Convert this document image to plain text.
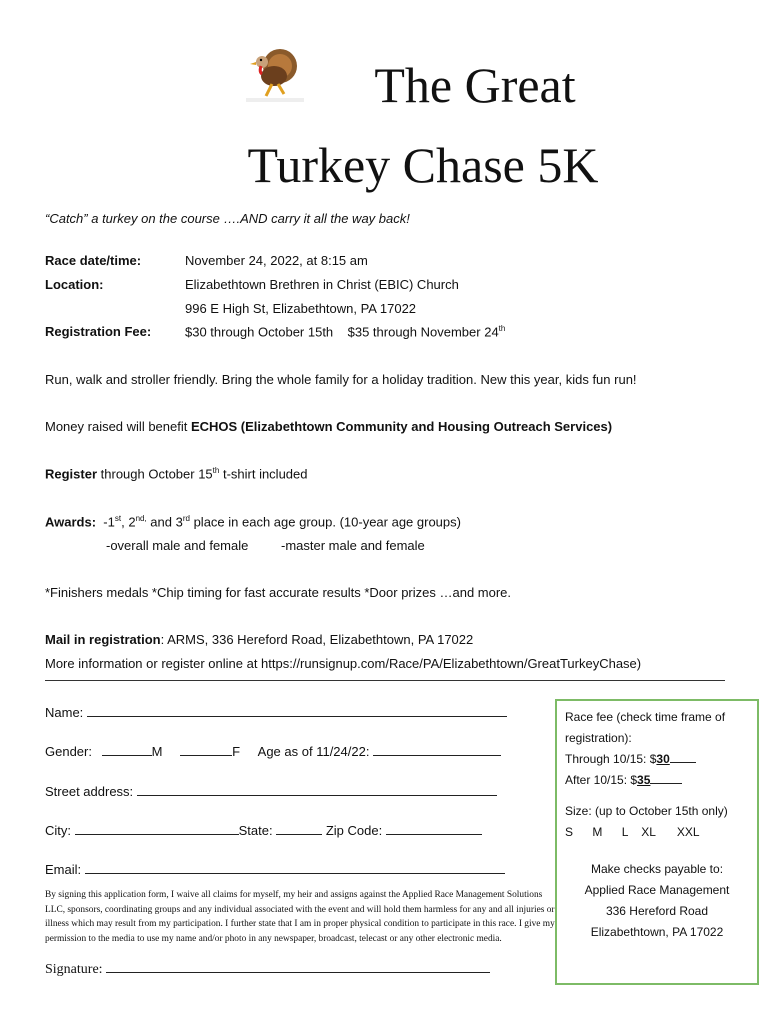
The Great
Turkey Chase 5K
“Catch” a turkey on the course ….AND carry it all the way back!
Race date/time:	November 24, 2022, at 8:15 am
Location:	Elizabethtown Brethren in Christ (EBIC) Church
996 E High St, Elizabethtown, PA 17022
Registration Fee:	$30 through October 15th $35 through November 24th
Run, walk and stroller friendly. Bring the whole family for a holiday tradition. New this year, kids fun run!
Money raised will benefit ECHOS (Elizabethtown Community and Housing Outreach Services)
Register through October 15th t-shirt included
Awards: -1st, $2^{nd,}$ and 3rd place in each age group. (10-year age groups)
-overall male and female	-master male and female
*Finishers medals *Chip timing for fast accurate results *Door prizes …and more.
Mail in registration: ARMS, 336 Hereford Road, Elizabethtown, PA 17022
More information or register online at https://runsignup.com/Race/PA/Elizabethtown/GreatTurkeyChase)
Name:
Gender:	M	F Age as of 11/24/22:
Street address:
City:	State:	Zip Code:
Email:
By signing this application form, I waive all claims for myself, my heir and assigns against the Applied Race Management Solutions LLC, sponsors, coordinating groups and any individual associated with the event and will hold them harmless for any and all injuries or illness which may result from my participation. I further state that I am in proper physical condition to participate in this race. I give my permission to the media to use my name and/or photo in any newspaper, broadcast, telecast or any other electronic media.
Signature:
Race fee (check time frame of registration):
Through 10/15: $30
After 10/15: $35
Size: (up to October 15th only)
S M L XL XXL
Make checks payable to:
Applied Race Management
336 Hereford Road
Elizabethtown, PA 17022
